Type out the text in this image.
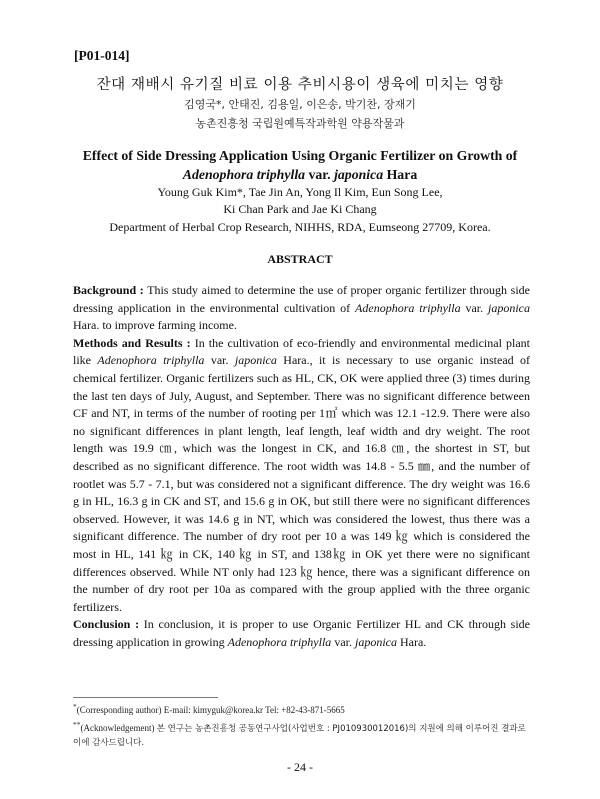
[P01-014]
잔대 재배시 유기질 비료 이용 추비시용이 생육에 미치는 영향
김영국*, 안태진, 김용일, 이은송, 박기찬, 장재기
농촌진흥청 국립원예특작과학원 약용작물과
Effect of Side Dressing Application Using Organic Fertilizer on Growth of
Adenophora triphylla var. japonica Hara
Young Guk Kim*, Tae Jin An, Yong Il Kim, Eun Song Lee,
Ki Chan Park and Jae Ki Chang
Department of Herbal Crop Research, NIHHS, RDA, Eumseong 27709, Korea.
ABSTRACT

Background : This study aimed to determine the use of proper organic fertilizer through side dressing application in the environmental cultivation of Adenophora triphylla var. japonica Hara. to improve farming income.

Methods and Results : In the cultivation of eco-friendly and environmental medicinal plant like Adenophora triphylla var. japonica Hara., it is necessary to use organic instead of chemical fertilizer. Organic fertilizers such as HL, CK, OK were applied three (3) times during the last ten days of July, August, and September. There was no significant difference between CF and NT, in terms of the number of rooting per 1㎡ which was 12.1 -12.9. There were also no significant differences in plant length, leaf length, leaf width and dry weight. The root length was 19.9 ㎝, which was the longest in CK, and 16.8 ㎝, the shortest in ST, but described as no significant difference. The root width was 14.8 - 5.5 ㎜, and the number of rootlet was 5.7 - 7.1, but was considered not a significant difference. The dry weight was 16.6 g in HL, 16.3 g in CK and ST, and 15.6 g in OK, but still there were no significant differences observed. However, it was 14.6 g in NT, which was considered the lowest, thus there was a significant difference. The number of dry root per 10 a was 149 ㎏ which is considered the most in HL, 141 ㎏ in CK, 140 ㎏ in ST, and 138㎏ in OK yet there were no significant differences observed. While NT only had 123 ㎏ hence, there was a significant difference on the number of dry root per 10a as compared with the group applied with the three organic fertilizers.

Conclusion : In conclusion, it is proper to use Organic Fertilizer HL and CK through side dressing application in growing Adenophora triphylla var. japonica Hara.

*(Corresponding author) E-mail: kimyguk@korea.kr Tel: +82-43-871-5665
**(Acknowledgement) 본 연구는 농촌진흥청 공동연구사업(사업번호 : PJ010930012016)의 지원에 의해 이루어진 결과로 이에 감사드립니다.
- 24 -
